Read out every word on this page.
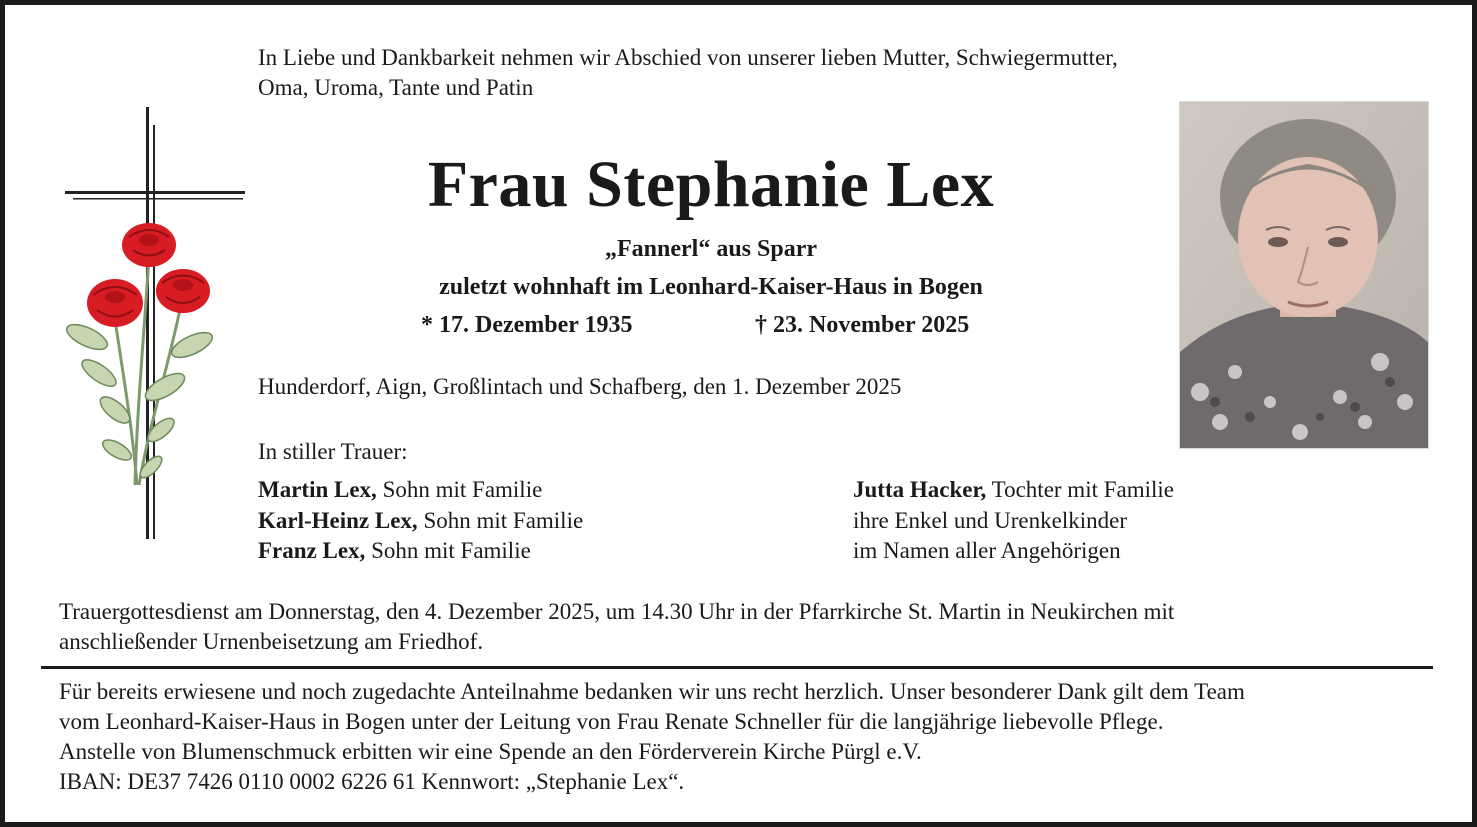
In Liebe und Dankbarkeit nehmen wir Abschied von unserer lieben Mutter, Schwiegermutter,
Oma, Uroma, Tante und Patin
Frau Stephanie Lex
„Fannerl“ aus Sparr
zuletzt wohnhaft im Leonhard-Kaiser-Haus in Bogen
* 17. Dezember 1935	† 23. November 2025
Hunderdorf, Aign, Großlintach und Schafberg, den 1. Dezember 2025
In stiller Trauer:
Martin Lex, Sohn mit Familie
Karl-Heinz Lex, Sohn mit Familie
Franz Lex, Sohn mit Familie
Jutta Hacker, Tochter mit Familie
ihre Enkel und Urenkelkinder
im Namen aller Angehörigen
Trauergottesdienst am Donnerstag, den 4. Dezember 2025, um 14.30 Uhr in der Pfarrkirche St. Martin in Neukirchen mit
anschließender Urnenbeisetzung am Friedhof.
Für bereits erwiesene und noch zugedachte Anteilnahme bedanken wir uns recht herzlich. Unser besonderer Dank gilt dem Team
vom Leonhard-Kaiser-Haus in Bogen unter der Leitung von Frau Renate Schneller für die langjährige liebevolle Pflege.
Anstelle von Blumenschmuck erbitten wir eine Spende an den Förderverein Kirche Pürgl e.V.
IBAN: DE37 7426 0110 0002 6226 61 Kennwort: „Stephanie Lex“.
